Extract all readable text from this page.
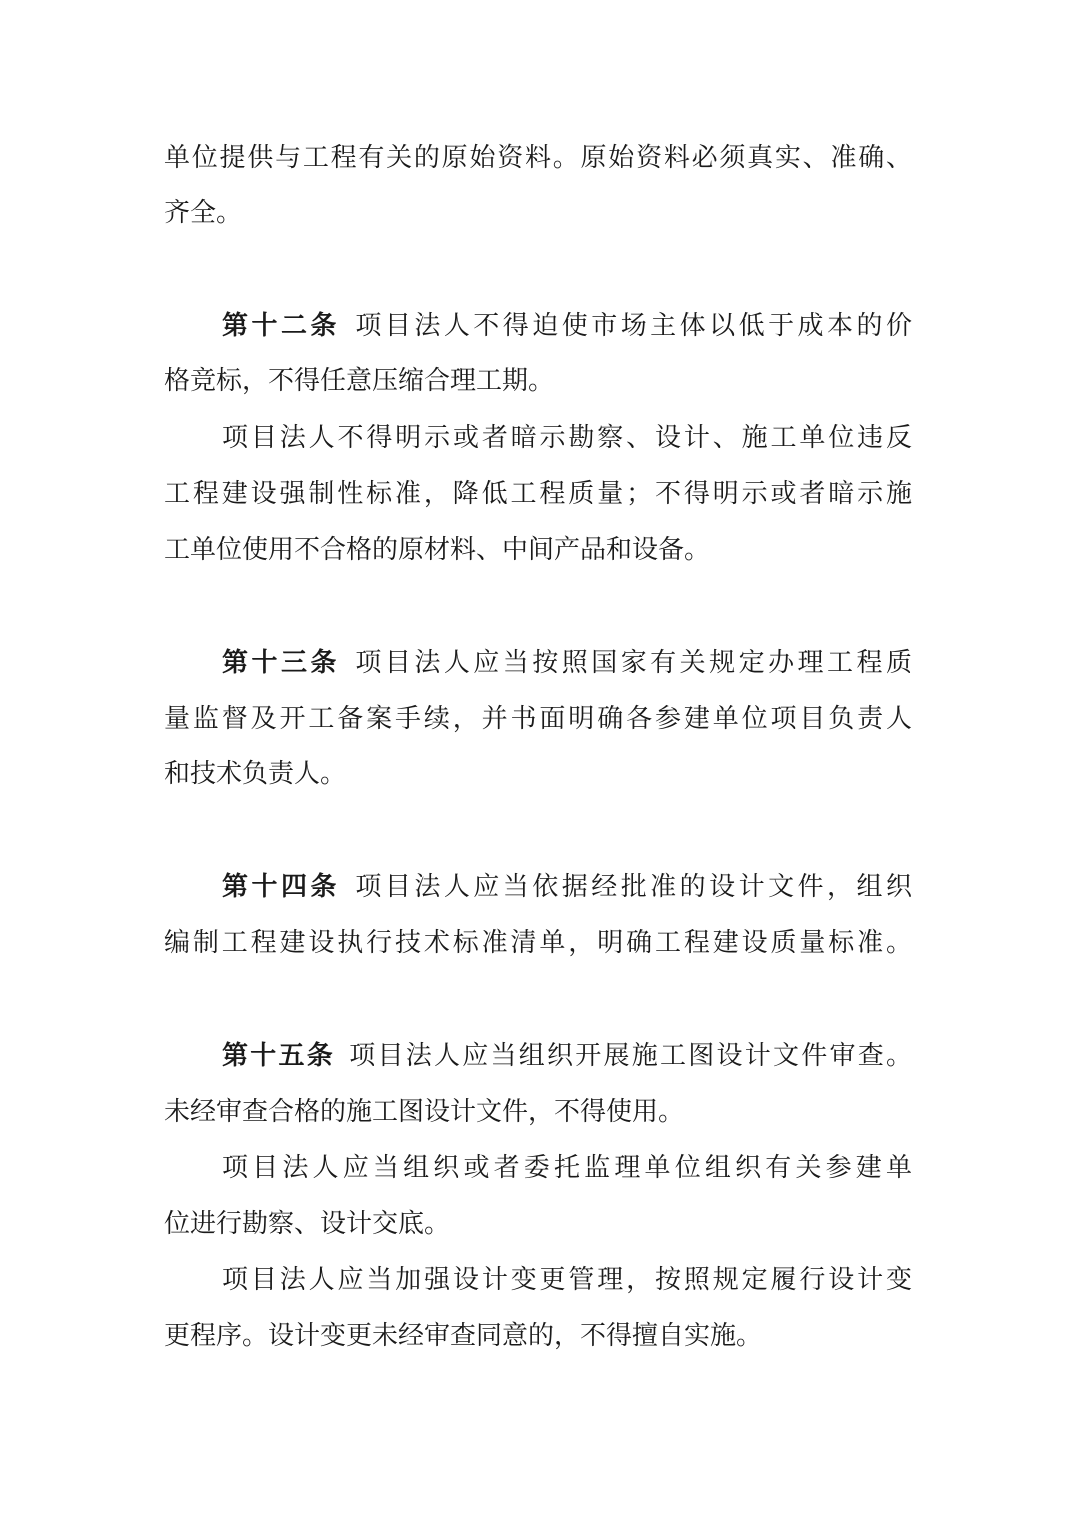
单位提供与工程有关的原始资料。原始资料必须真实、准确、
齐全。
第十二条 项目法人不得迫使市场主体以低于成本的价
格竞标，不得任意压缩合理工期。
项目法人不得明示或者暗示勘察、设计、施工单位违反
工程建设强制性标准，降低工程质量；不得明示或者暗示施
工单位使用不合格的原材料、中间产品和设备。
第十三条 项目法人应当按照国家有关规定办理工程质
量监督及开工备案手续，并书面明确各参建单位项目负责人
和技术负责人。
第十四条 项目法人应当依据经批准的设计文件，组织
编制工程建设执行技术标准清单，明确工程建设质量标准。
第十五条 项目法人应当组织开展施工图设计文件审查。
未经审查合格的施工图设计文件，不得使用。
项目法人应当组织或者委托监理单位组织有关参建单
位进行勘察、设计交底。
项目法人应当加强设计变更管理，按照规定履行设计变
更程序。设计变更未经审查同意的，不得擅自实施。
